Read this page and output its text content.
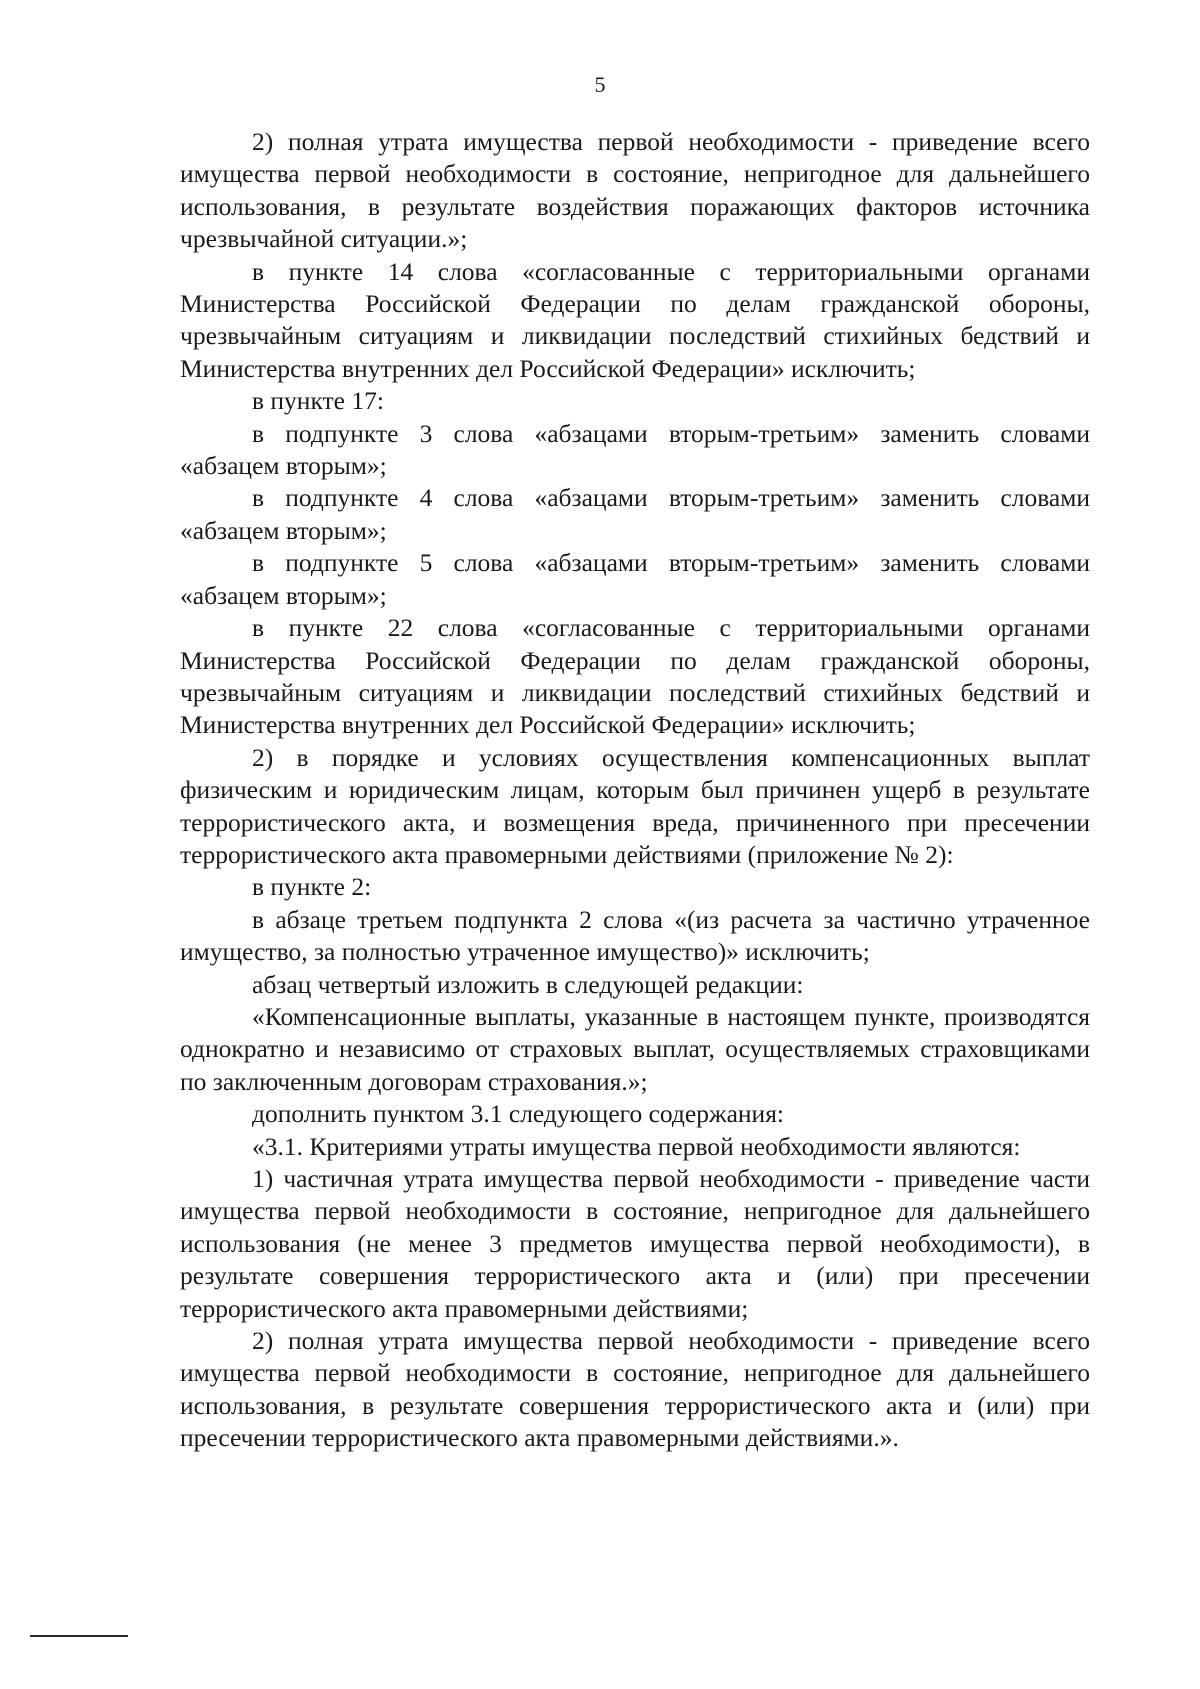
5

2) полная утрата имущества первой необходимости - приведение всего имущества первой необходимости в состояние, непригодное для дальнейшего использования, в результате воздействия поражающих факторов источника чрезвычайной ситуации.»;

в пункте 14 слова «согласованные с территориальными органами Министерства Российской Федерации по делам гражданской обороны, чрезвычайным ситуациям и ликвидации последствий стихийных бедствий и Министерства внутренних дел Российской Федерации» исключить;

в пункте 17:

в подпункте 3 слова «абзацами вторым-третьим» заменить словами «абзацем вторым»;

в подпункте 4 слова «абзацами вторым-третьим» заменить словами «абзацем вторым»;

в подпункте 5 слова «абзацами вторым-третьим» заменить словами «абзацем вторым»;

в пункте 22 слова «согласованные с территориальными органами Министерства Российской Федерации по делам гражданской обороны, чрезвычайным ситуациям и ликвидации последствий стихийных бедствий и Министерства внутренних дел Российской Федерации» исключить;

2) в порядке и условиях осуществления компенсационных выплат физическим и юридическим лицам, которым был причинен ущерб в результате террористического акта, и возмещения вреда, причиненного при пресечении террористического акта правомерными действиями (приложение № 2):

в пункте 2:

в абзаце третьем подпункта 2 слова «(из расчета за частично утраченное имущество, за полностью утраченное имущество)» исключить;

абзац четвертый изложить в следующей редакции:

«Компенсационные выплаты, указанные в настоящем пункте, производятся однократно и независимо от страховых выплат, осуществляемых страховщиками по заключенным договорам страхования.»;

дополнить пунктом 3.1 следующего содержания:

«3.1. Критериями утраты имущества первой необходимости являются:

1) частичная утрата имущества первой необходимости - приведение части имущества первой необходимости в состояние, непригодное для дальнейшего использования (не менее 3 предметов имущества первой необходимости), в результате совершения террористического акта и (или) при пресечении террористического акта правомерными действиями;

2) полная утрата имущества первой необходимости - приведение всего имущества первой необходимости в состояние, непригодное для дальнейшего использования, в результате совершения террористического акта и (или) при пресечении террористического акта правомерными действиями.».
